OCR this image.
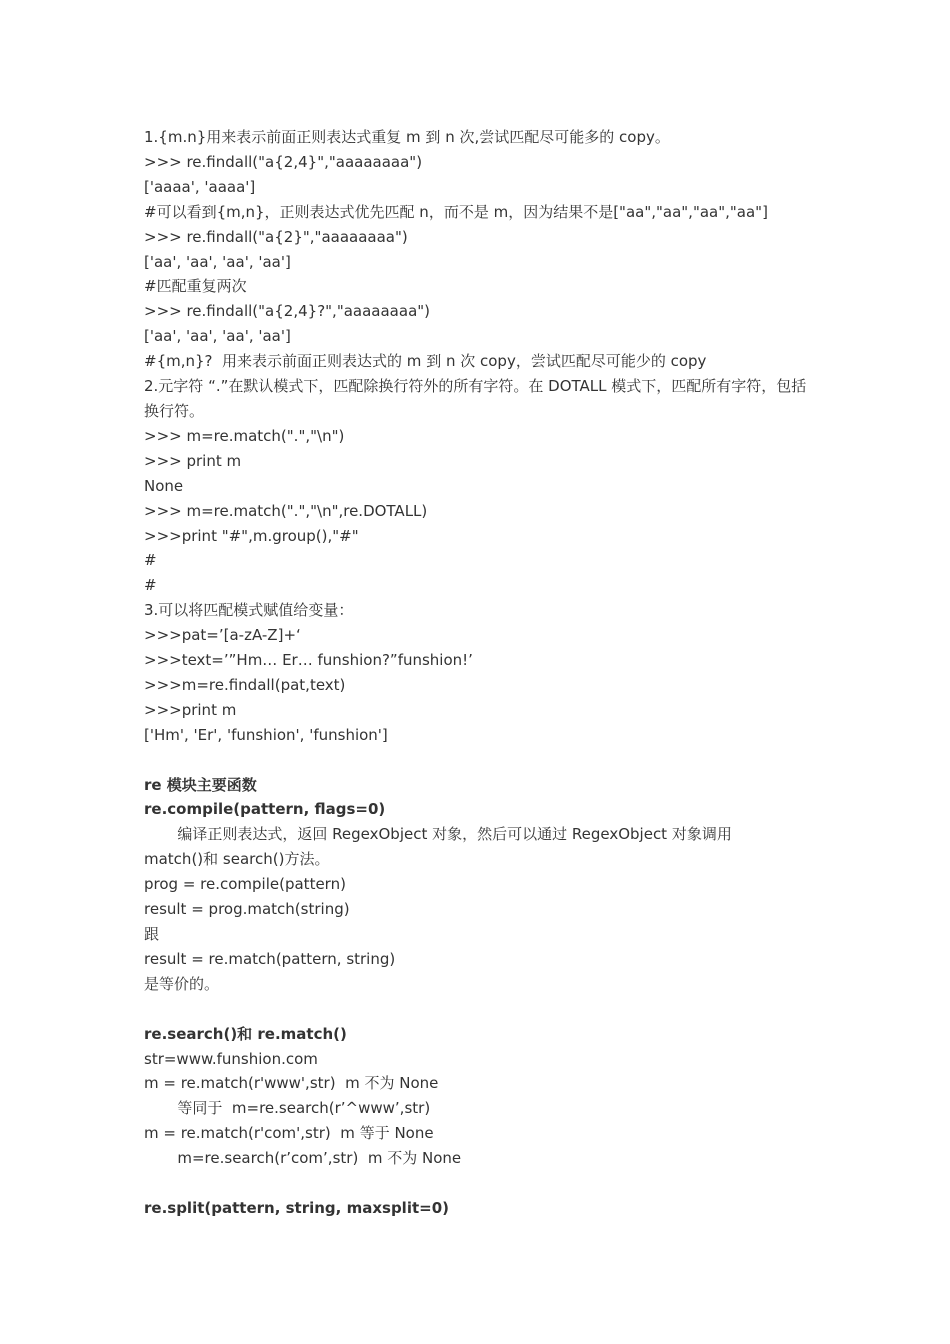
1.{m.n}用来表示前面正则表达式重复 m 到 n 次,尝试匹配尽可能多的 copy。
>>> re.findall("a{2,4}","aaaaaaaa")
['aaaa', 'aaaa']
#可以看到{m,n}，正则表达式优先匹配 n，而不是 m，因为结果不是["aa","aa","aa","aa"]
>>> re.findall("a{2}","aaaaaaaa")
['aa', 'aa', 'aa', 'aa']
#匹配重复两次
>>> re.findall("a{2,4}?","aaaaaaaa")
['aa', 'aa', 'aa', 'aa']
#{m,n}?  用来表示前面正则表达式的 m 到 n 次 copy，尝试匹配尽可能少的 copy
2.元字符 “.”在默认模式下，匹配除换行符外的所有字符。在 DOTALL 模式下，匹配所有字符，包括换行符。
>>> m=re.match(".","\n")
>>> print m
None
>>> m=re.match(".","\n",re.DOTALL)
>>>print "#",m.group(),"#"
#
#
3.可以将匹配模式赋值给变量：
>>>pat=’[a-zA-Z]+‘
>>>text=’”Hm… Er… funshion?”funshion!’
>>>m=re.findall(pat,text)
>>>print m
['Hm', 'Er', 'funshion', 'funshion']
re 模块主要函数
re.compile(pattern, flags=0)
编译正则表达式，返回 RegexObject 对象，然后可以通过 RegexObject 对象调用
match()和 search()方法。
prog = re.compile(pattern)
result = prog.match(string)
跟
result = re.match(pattern, string)
是等价的。
re.search()和 re.match()
str=www.funshion.com
m = re.match(r'www',str)  m 不为 None
等同于  m=re.search(r’^www’,str)
m = re.match(r'com',str)  m 等于 None
m=re.search(r’com’,str)  m 不为 None
re.split(pattern, string, maxsplit=0)
